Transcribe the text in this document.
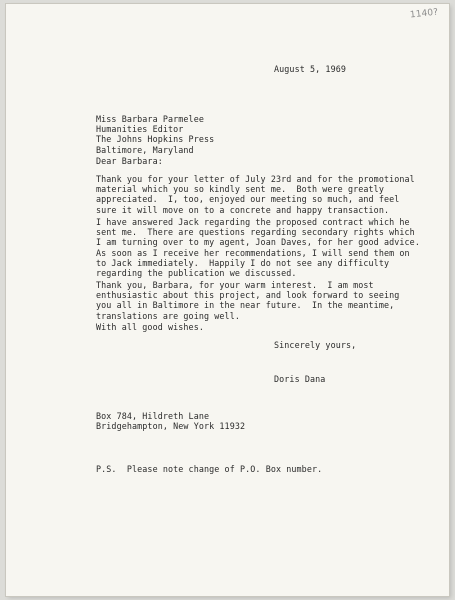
1140?
August 5, 1969
Miss Barbara Parmelee
Humanities Editor
The Johns Hopkins Press
Baltimore, Maryland
Dear Barbara:
Thank you for your letter of July 23rd and for the promotional
material which you so kindly sent me.  Both were greatly
appreciated.  I, too, enjoyed our meeting so much, and feel
sure it will move on to a concrete and happy transaction.
I have answered Jack regarding the proposed contract which he
sent me.  There are questions regarding secondary rights which
I am turning over to my agent, Joan Daves, for her good advice.
As soon as I receive her recommendations, I will send them on
to Jack immediately.  Happily I do not see any difficulty
regarding the publication we discussed.
Thank you, Barbara, for your warm interest.  I am most
enthusiastic about this project, and look forward to seeing
you all in Baltimore in the near future.  In the meantime,
translations are going well.
With all good wishes.
Sincerely yours,
Doris Dana
Box 784, Hildreth Lane
Bridgehampton, New York 11932
P.S.  Please note change of P.O. Box number.
